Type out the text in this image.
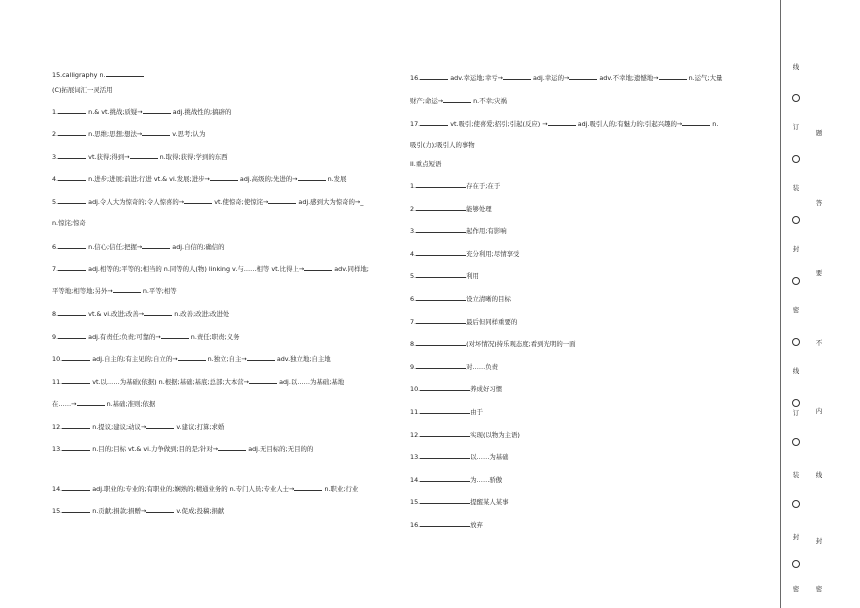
15.calligraphy n.
(C)拓展词汇一灵活用
1.	n.& vt.挑战;质疑→	adj.挑战性的;搞辟的
2.	n.思维;思想;想法→	v.思考;认为
3.	vt.获得;得到→	n.取得;获得;学到的东西
4.	n.进步;进展;前进;行进 vt.& vi.发展;进步→	adj.高级的;先进的→	n.发展
5.	adj.令人大为惊奇的;令人惊喜的→	vt.使惊奇;使惊诧→	adj.感到大为惊奇的→_
n.惊诧;惊奇
6.	n.信心;信任;把握→	adj.自信的;确信的
7.	adj.相等的;平等的;相当的 n.同等的人(物) linking v.与……相等 vt.比得上→	adv.同样地;
平等地;相等地;另外→	n.平等;相等
8.	vt.& vi.改进;改善→	n.改善;改进;改进处
9.	adj.有责任;负责;可靠的→	n.责任;职责;义务
10.	adj.自主的;有主见的;自立的→	n.独立;自主→	adv.独立地;自主地
11.	vt.以……为基础(依据) n.根据;基础;基底;总部;大本营→	adj.以……为基础;基地
在……→	n.基础;准则;依据
12.	n.提议;建议;动议→	v.建议;打算;求婚
13.	n.目的;目标 vt.& vi.力争做到;目的是;针对→	adj.无目标的;无目的的
14.	adj.职业的;专业的;有职业的;娴熟的;精通业务的 n.专门人员;专业人士→	n.职业;行业
15.	n.贡献;捐款;捐赠→	v.促成;投稿;捐献
16.	adv.幸运地;幸亏→	adj.幸运的→	adv.不幸地;遗憾地→	n.运气;大量
财产;命运→	n.不幸;灾祸
17.	vt.吸引;使喜爱;招引;引起(反应) →	adj.吸引人的;有魅力的;引起兴趣的→	n.
吸引(力);吸引人的事物
II.重点短语
1.	存在于;在于
2.	能够处理
3.	起作用;有影响
4.	充分利用;尽情享受
5.	利用
6.	设立清晰的目标
7.	最后但同样重要的
8.	(对坏情况)持乐观态度;看到光明的一面
9.	对……负责
10.	养成好习惯
11.	由于
12.	实现(以物为主语)
13.	以……为基础
14.	为……骄傲
15.	提醒某人某事
16.	放弃
线
订
装
封
密
线
订
装
封
密
题
答
要
不
内
线
封
密
